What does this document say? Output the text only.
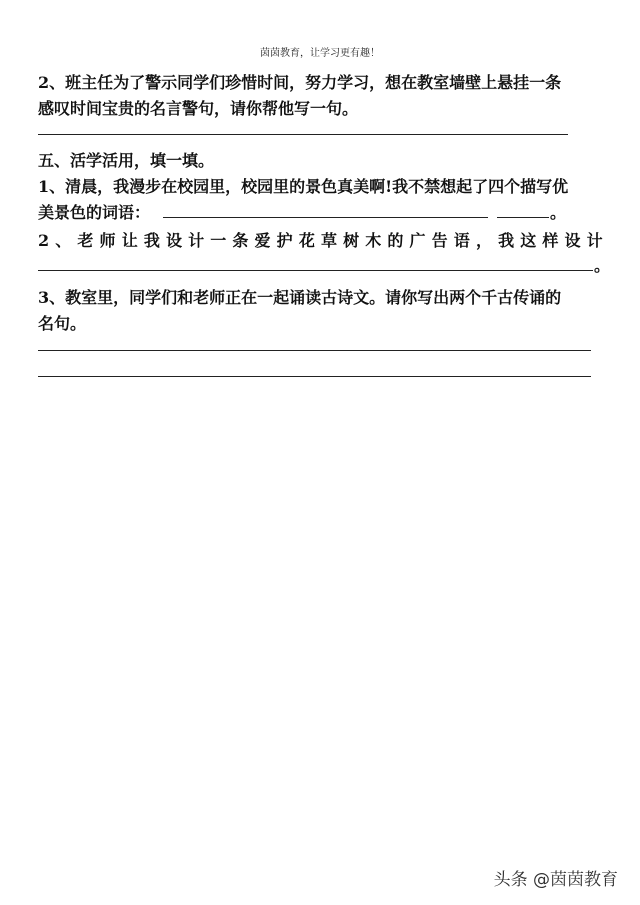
茵茵教育，让学习更有趣！
2、班主任为了警示同学们珍惜时间，努力学习，想在教室墙壁上悬挂一条
感叹时间宝贵的名言警句，请你帮他写一句。
五、活学活用，填一填。
1、清晨，我漫步在校园里，校园里的景色真美啊!我不禁想起了四个描写优
美景色的词语：	。
2 、 老 师 让 我 设 计 一 条 爱 护 花 草 树 木 的 广 告 语 ， 我 这 样 设 计
。
3、教室里，同学们和老师正在一起诵读古诗文。请你写出两个千古传诵的
名句。
头条 @茵茵教育
